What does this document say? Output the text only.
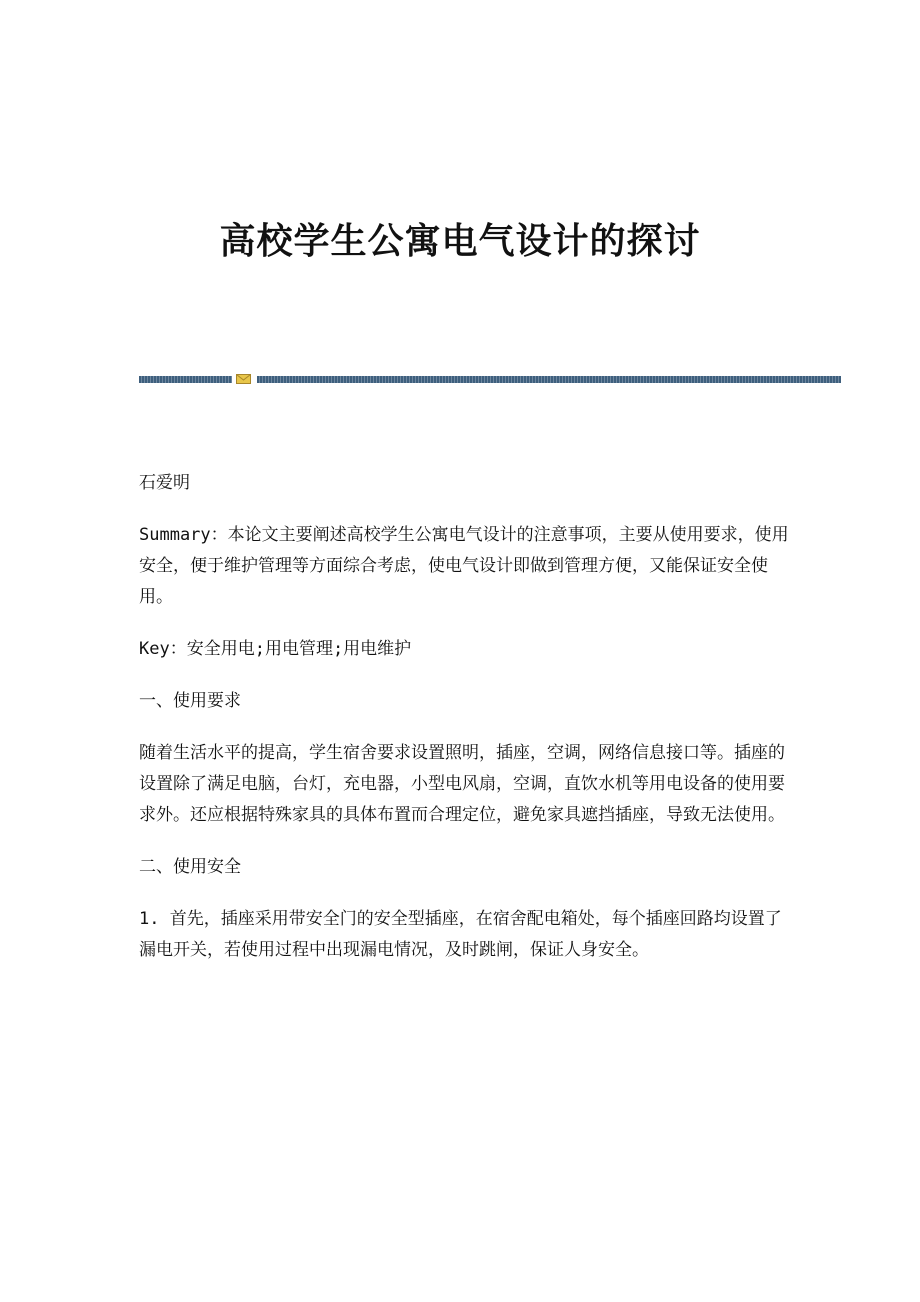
高校学生公寓电气设计的探讨

石爱明

Summary：本论文主要阐述高校学生公寓电气设计的注意事项，主要从使用要求，使用安全，便于维护管理等方面综合考虑，使电气设计即做到管理方便，又能保证安全使用。

Key：安全用电;用电管理;用电维护

一、使用要求

随着生活水平的提高，学生宿舍要求设置照明，插座，空调，网络信息接口等。插座的设置除了满足电脑，台灯，充电器，小型电风扇，空调，直饮水机等用电设备的使用要求外。还应根据特殊家具的具体布置而合理定位，避免家具遮挡插座，导致无法使用。

二、使用安全

1. 首先，插座采用带安全门的安全型插座，在宿舍配电箱处，每个插座回路均设置了漏电开关，若使用过程中出现漏电情况，及时跳闸，保证人身安全。
